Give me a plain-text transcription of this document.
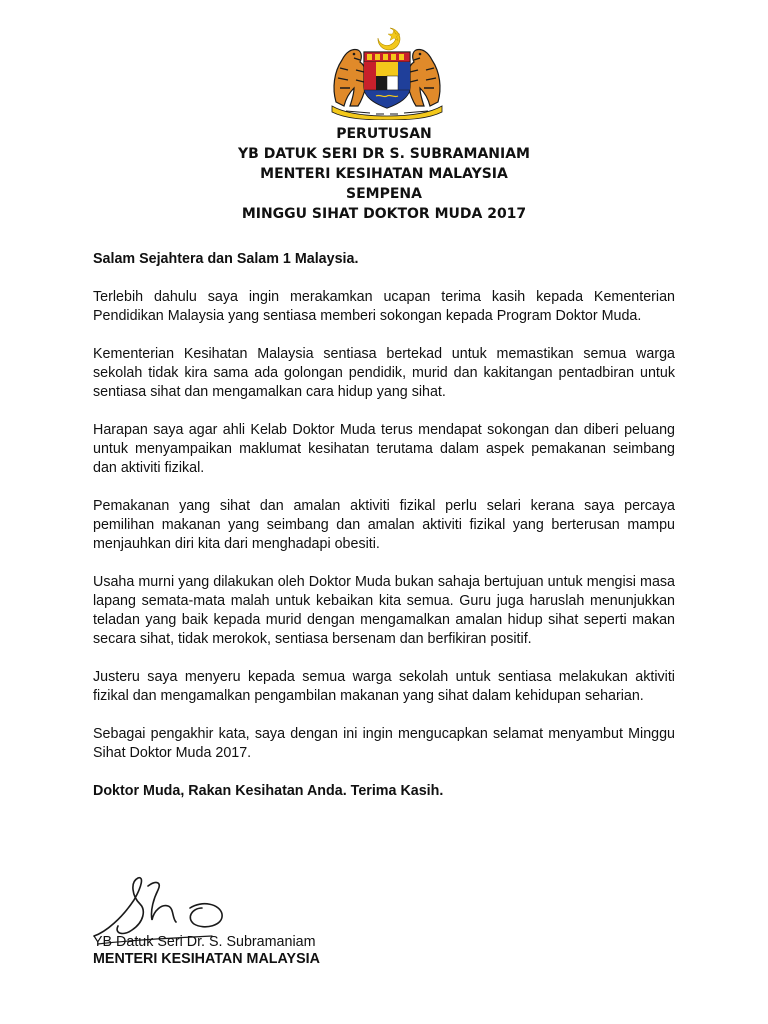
PERUTUSAN
YB DATUK SERI DR S. SUBRAMANIAM
MENTERI KESIHATAN MALAYSIA
SEMPENA
MINGGU SIHAT DOKTOR MUDA 2017

Salam Sejahtera dan Salam 1 Malaysia.

Terlebih dahulu saya ingin merakamkan ucapan terima kasih kepada Kementerian Pendidikan Malaysia yang sentiasa memberi sokongan kepada Program Doktor Muda.

Kementerian Kesihatan Malaysia sentiasa bertekad untuk memastikan semua warga sekolah tidak kira sama ada golongan pendidik, murid dan kakitangan pentadbiran untuk sentiasa sihat dan mengamalkan cara hidup yang sihat.

Harapan saya agar ahli Kelab Doktor Muda terus mendapat sokongan dan diberi peluang untuk menyampaikan maklumat kesihatan terutama dalam aspek pemakanan seimbang dan aktiviti fizikal.

Pemakanan yang sihat dan amalan aktiviti fizikal perlu selari kerana saya percaya pemilihan makanan yang seimbang dan amalan aktiviti fizikal yang berterusan mampu menjauhkan diri kita dari menghadapi obesiti.

Usaha murni yang dilakukan oleh Doktor Muda bukan sahaja bertujuan untuk mengisi masa lapang semata-mata malah untuk kebaikan kita semua. Guru juga haruslah menunjukkan teladan yang baik kepada murid dengan mengamalkan amalan hidup sihat seperti makan secara sihat, tidak merokok, sentiasa bersenam dan berfikiran positif.

Justeru saya menyeru kepada semua warga sekolah untuk sentiasa melakukan aktiviti fizikal dan mengamalkan pengambilan makanan yang sihat dalam kehidupan seharian.

Sebagai pengakhir kata, saya dengan ini ingin mengucapkan selamat menyambut Minggu Sihat Doktor Muda 2017.

Doktor Muda, Rakan Kesihatan Anda. Terima Kasih.

YB Datuk Seri Dr. S. Subramaniam
MENTERI KESIHATAN MALAYSIA
